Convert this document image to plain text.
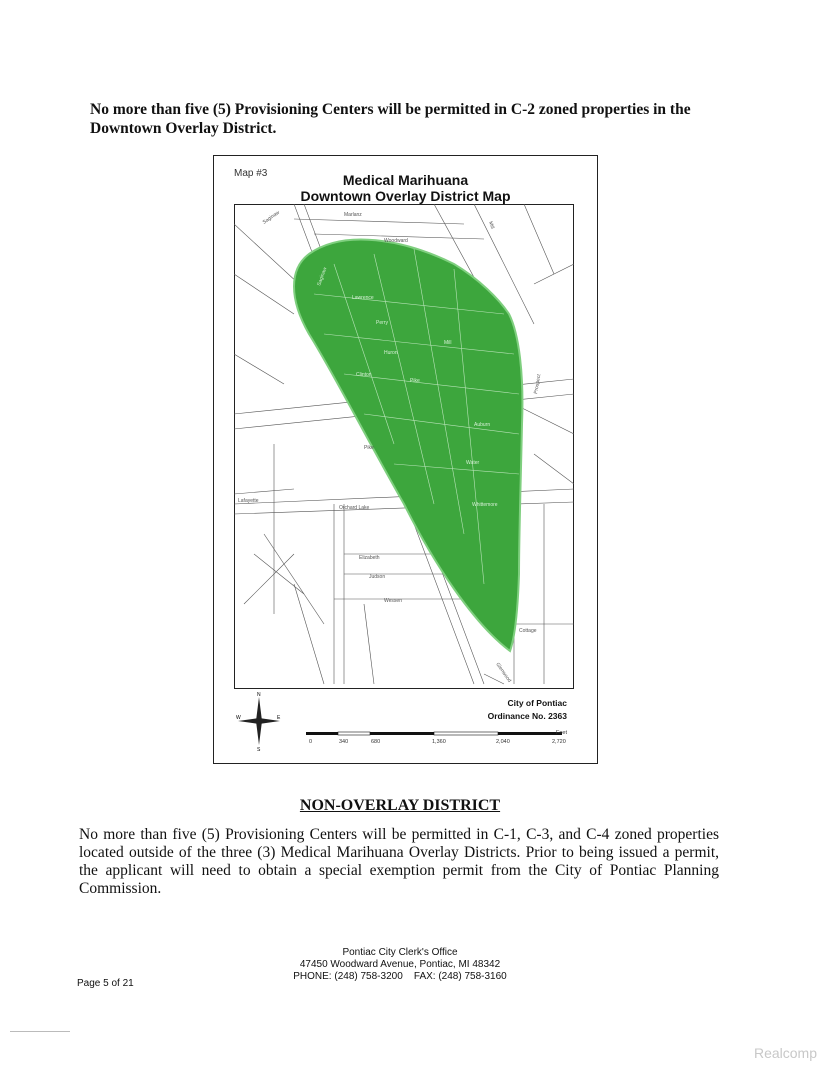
No more than five (5) Provisioning Centers will be permitted in C-2 zoned properties in the Downtown Overlay District.
Map #3	Medical Marihuana
Downtown Overlay District Map
Saginaw
Lawrence
Perry
Huron
Pike
Auburn
Whittemore
Clinton
Mill
Water
Marlanz
Woodward
Saginaw
Orchard Lake
Pike
Elizabeth
Judson
Wessen
Lafayette
Cottage
Glenwood
Prospect
Mill
City of Pontiac
Ordinance No. 2363
N
S
E
W
0	340	680	1,360	2,040	2,720
Feet
NON-OVERLAY DISTRICT
No more than five (5) Provisioning Centers will be permitted in C-1, C-3, and C-4 zoned properties located outside of the three (3) Medical Marihuana Overlay Districts. Prior to being issued a permit, the applicant will need to obtain a special exemption permit from the City of Pontiac Planning Commission.
Pontiac City Clerk's Office
47450 Woodward Avenue, Pontiac, MI 48342
PHONE: (248) 758-3200 FAX: (248) 758-3160
Page 5 of 21
Realcomp
